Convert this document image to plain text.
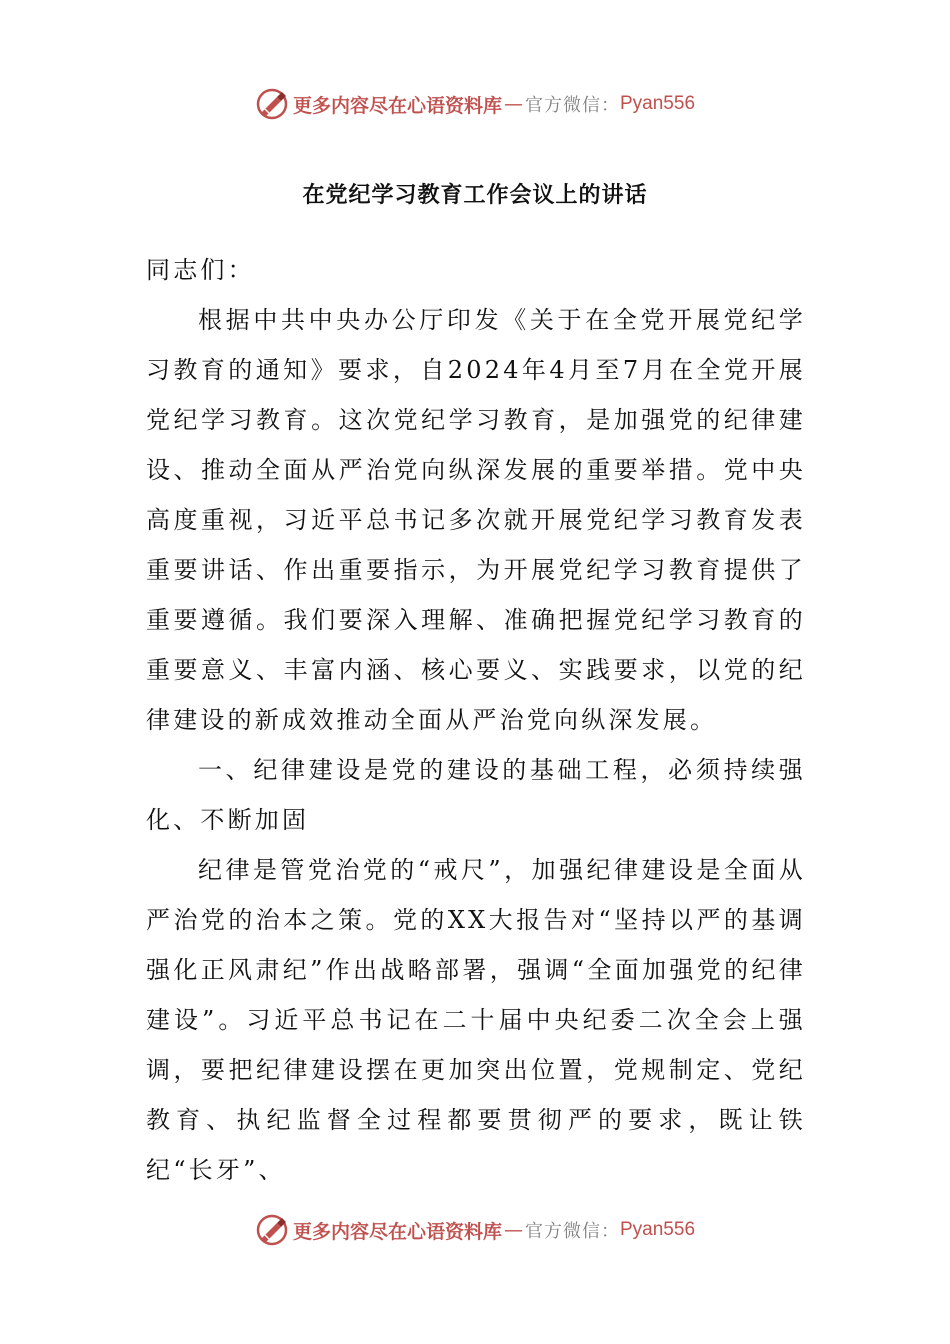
更多内容尽在心语资料库 — 官方微信： Pyan556
在党纪学习教育工作会议上的讲话

同志们：

根据中共中央办公厅印发《关于在全党开展党纪学习教育的通知》要求，自2024年4月至7月在全党开展党纪学习教育。这次党纪学习教育，是加强党的纪律建设、推动全面从严治党向纵深发展的重要举措。党中央高度重视，习近平总书记多次就开展党纪学习教育发表重要讲话、作出重要指示，为开展党纪学习教育提供了重要遵循。我们要深入理解、准确把握党纪学习教育的重要意义、丰富内涵、核心要义、实践要求，以党的纪律建设的新成效推动全面从严治党向纵深发展。

一、纪律建设是党的建设的基础工程，必须持续强化、不断加固

纪律是管党治党的“戒尺”，加强纪律建设是全面从严治党的治本之策。党的XX大报告对“坚持以严的基调强化正风肃纪”作出战略部署，强调“全面加强党的纪律建设”。习近平总书记在二十届中央纪委二次全会上强调，要把纪律建设摆在更加突出位置，党规制定、党纪教育、执纪监督全过程都要贯彻严的要求，既让铁纪“长牙”、

更多内容尽在心语资料库 — 官方微信： Pyan556
